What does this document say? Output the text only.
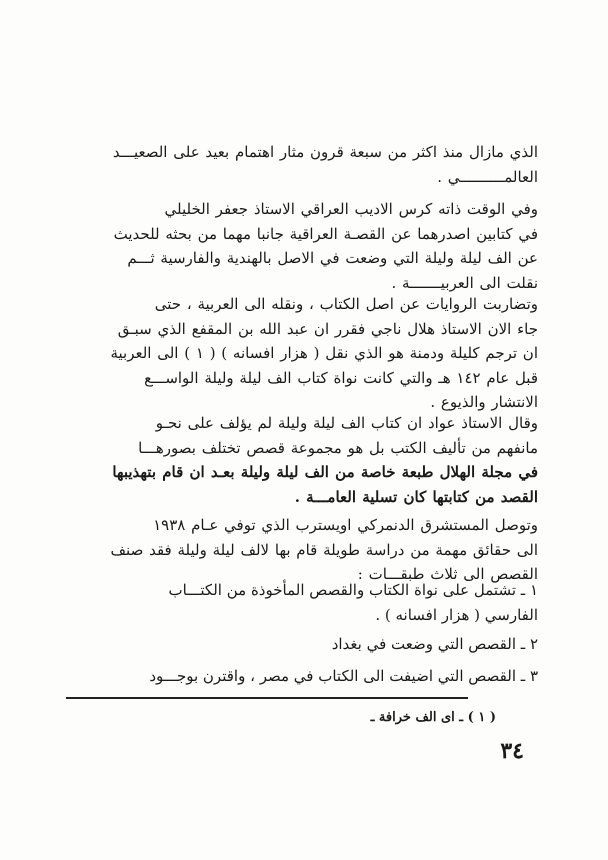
الذي مازال منذ اكثر من سبعة قرون مثار اهتمام بعيد على الصعيـــد
العالمــــــــــي .
وفي الوقت ذاته كرس الاديب العراقي الاستاذ جعفر الخليلي
في كتابين اصدرهما عن القصـة العراقية جانبا مهما من بحثه للحديث
عن الف ليلة وليلة التي وضعت في الاصل بالهندية والفارسية ثـــم
نقلت الى العربيـــــــة .
وتضاربت الروايات عن اصل الكتاب ، ونقله الى العربية ، حتى
جاء الان الاستاذ هلال ناجي فقرر ان عبد الله بن المقفع الذي سبـق
ان ترجم كليلة ودمنة هو الذي نقل ( هزار افسانه ) ( ١ ) الى العربية
قبل عام ١٤٢ هـ والتي كانت نواة كتاب الف ليلة وليلة الواســـع
الانتشار والذيوع .
وقال الاستاذ عواد ان كتاب الف ليلة وليلة لم يؤلف على نحـو
مانفهم من تأليف الكتب بل هو مجموعة قصص تختلف بصورهـــا
في مجلة الهلال طبعة خاصة من الف ليلة وليلة بعـد ان قام بتهذيبها
القصد من كتابتها كان تسلية العامـــة .
وتوصل المستشرق الدنمركي اويسترب الذي توفي عـام ١٩٣٨
الى حقائق مهمة من دراسة طويلة قام بها لالف ليلة وليلة فقد صنف
القصص الى ثلاث طبقـــات :
١ ـ تشتمل على نواة الكتاب والقصص المأخوذة من الكتـــاب
الفارسي ( هزار افسانه ) .
٢ ـ القصص التي وضعت في بغداد
٣ ـ القصص التي اضيفت الى الكتاب في مصر ، واقترن بوجـــود
( ١ ) ـ اى الف خرافة ـ
٣٤
